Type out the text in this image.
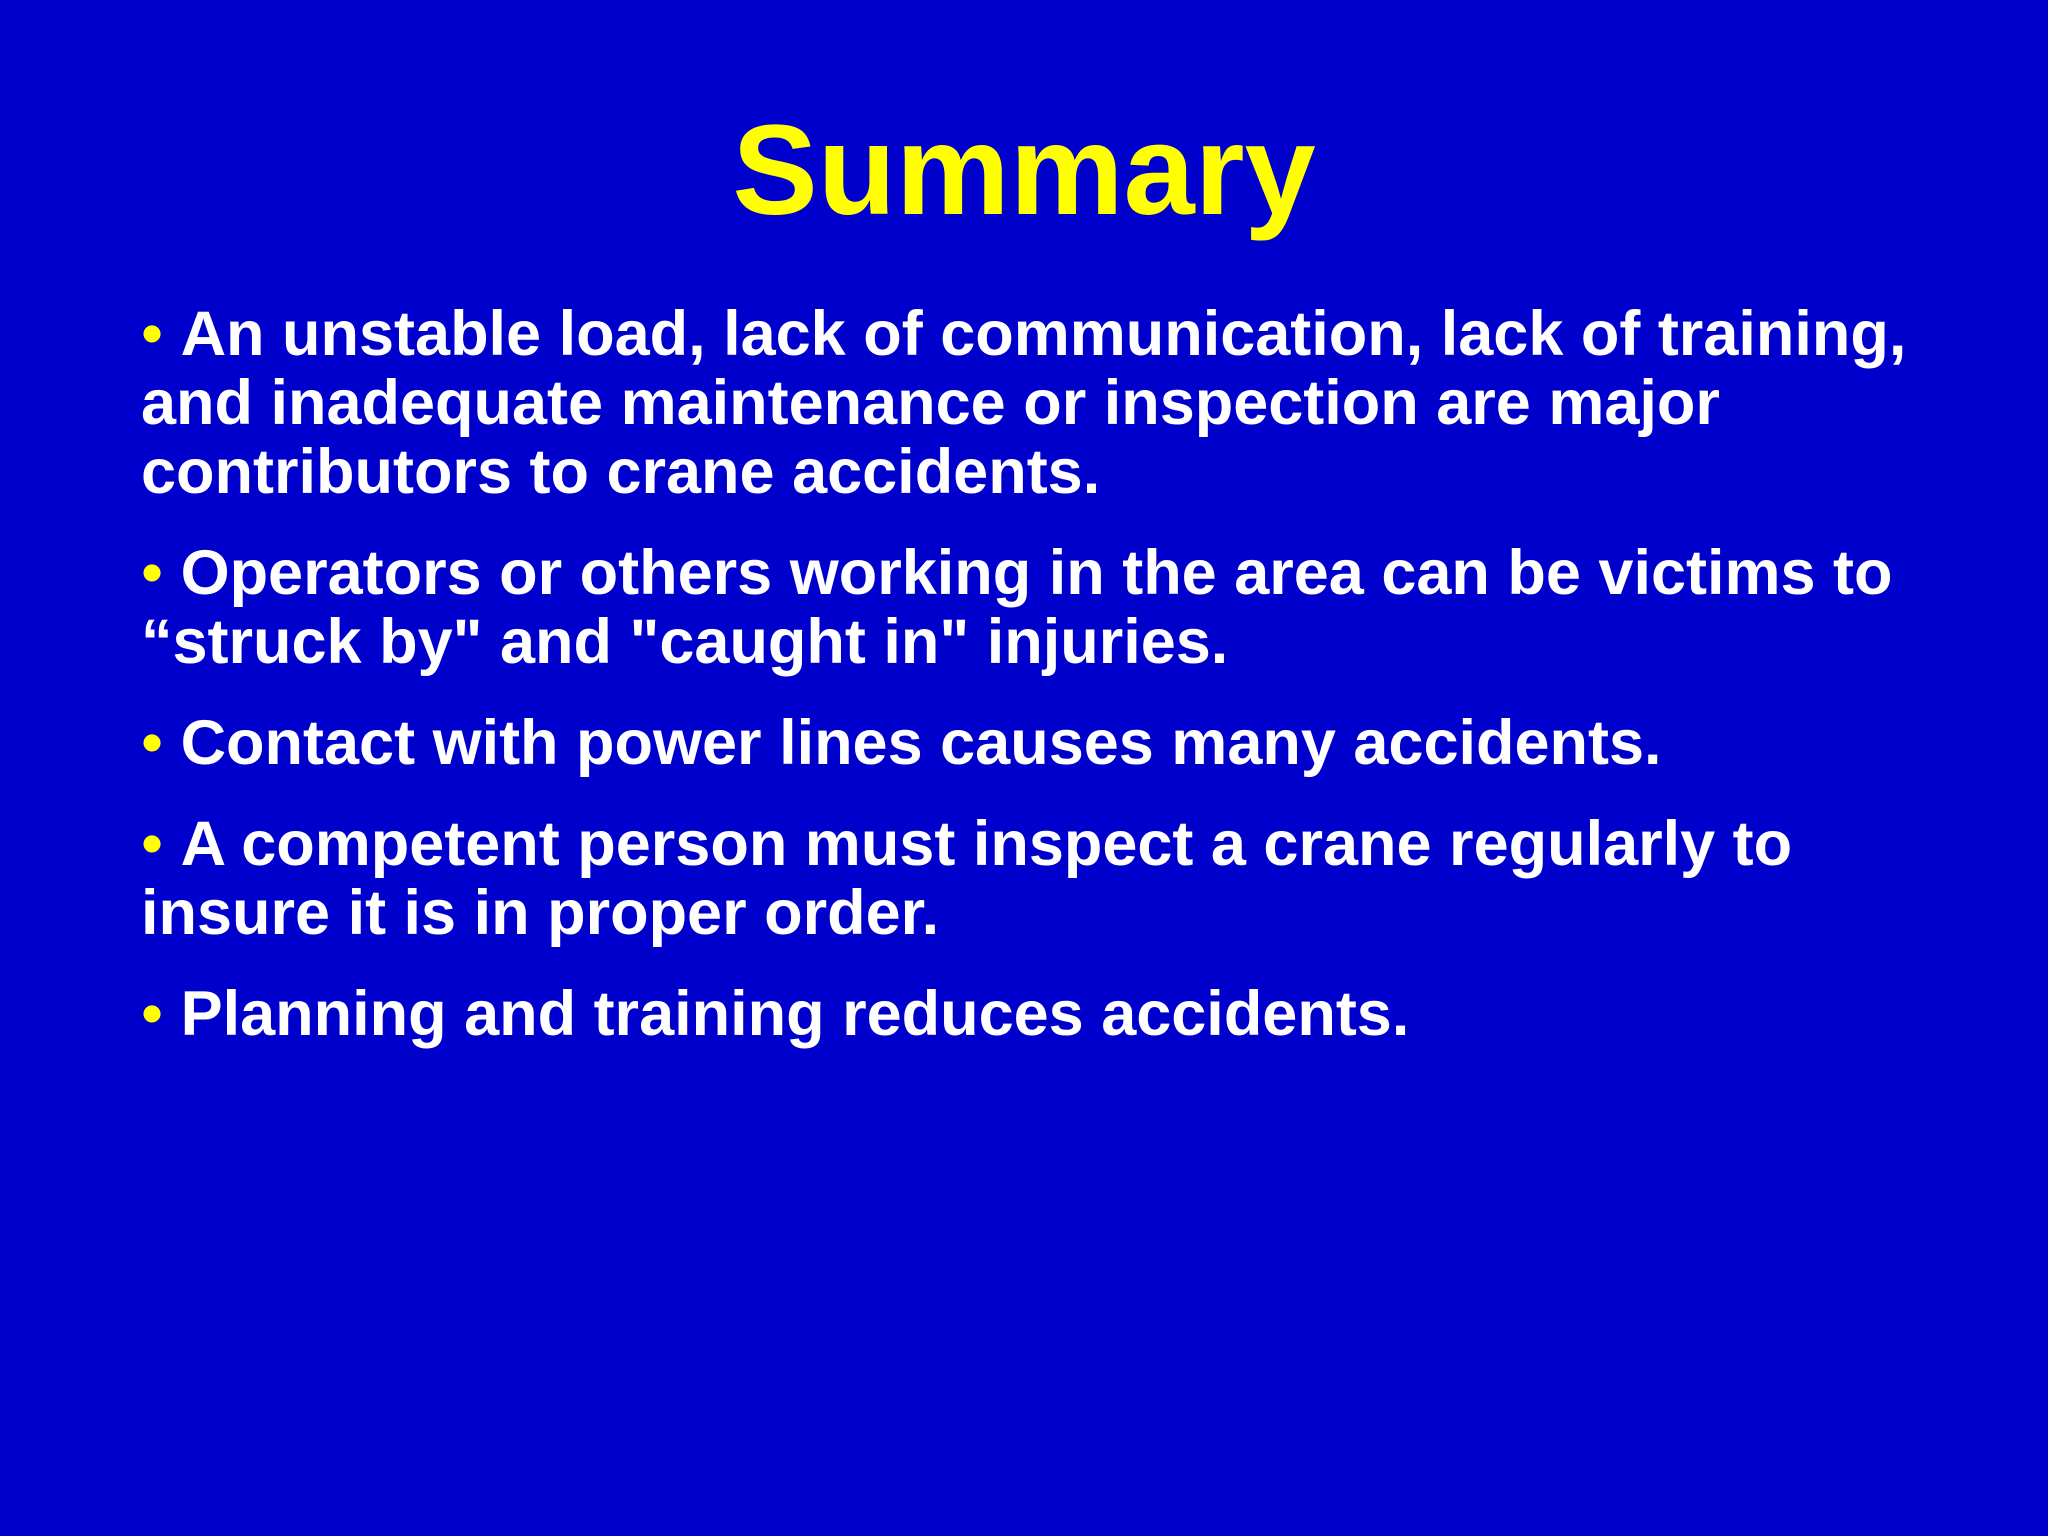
Summary
• An unstable load, lack of communication, lack of training, and inadequate maintenance or inspection are major contributors to crane accidents.
• Operators or others working in the area can be victims to “struck by" and "caught in" injuries.
• Contact with power lines causes many accidents.
• A competent person must inspect a crane regularly to insure it is in proper order.
• Planning and training reduces accidents.
